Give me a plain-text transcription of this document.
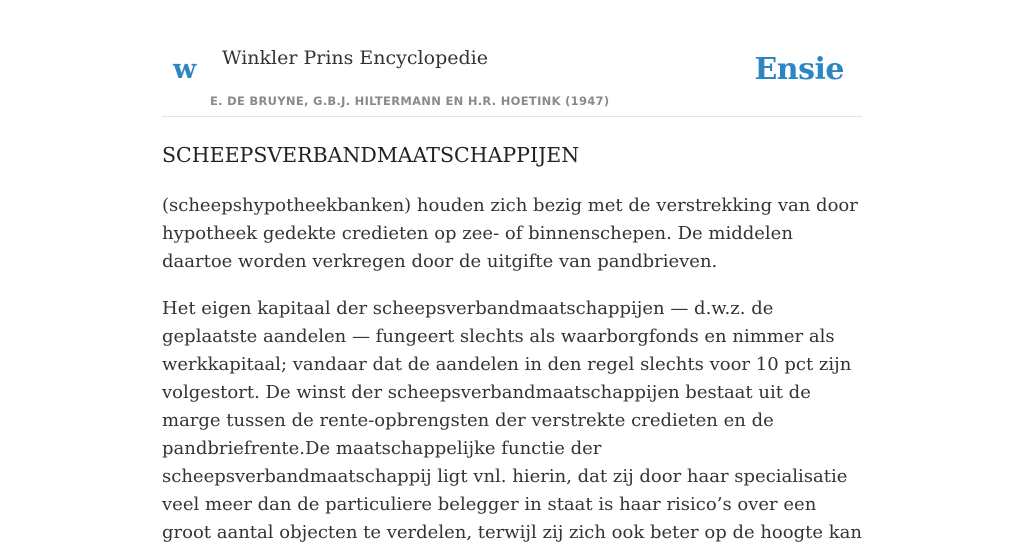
w Winkler Prins Encyclopedie
E. DE BRUYNE, G.B.J. HILTERMANN EN H.R. HOETINK (1947)
Ensie
SCHEEPSVERBANDMAATSCHAPPIJEN

(scheepshypotheekbanken) houden zich bezig met de verstrekking van door hypotheek gedekte credieten op zee- of binnenschepen. De middelen daartoe worden verkregen door de uitgifte van pandbrieven.

Het eigen kapitaal der scheepsverbandmaatschappijen — d.w.z. de geplaatste aandelen — fungeert slechts als waarborgfonds en nimmer als werkkapitaal; vandaar dat de aandelen in den regel slechts voor 10 pct zijn volgestort. De winst der scheepsverbandmaatschappijen bestaat uit de marge tussen de rente-opbrengsten der verstrekte credieten en de pandbriefrente.De maatschappelijke functie der scheepsverbandmaatschappij ligt vnl. hierin, dat zij door haar specialisatie veel meer dan de particuliere belegger in staat is haar risico’s over een groot aantal objecten te verdelen, terwijl zij zich ook beter op de hoogte kan
